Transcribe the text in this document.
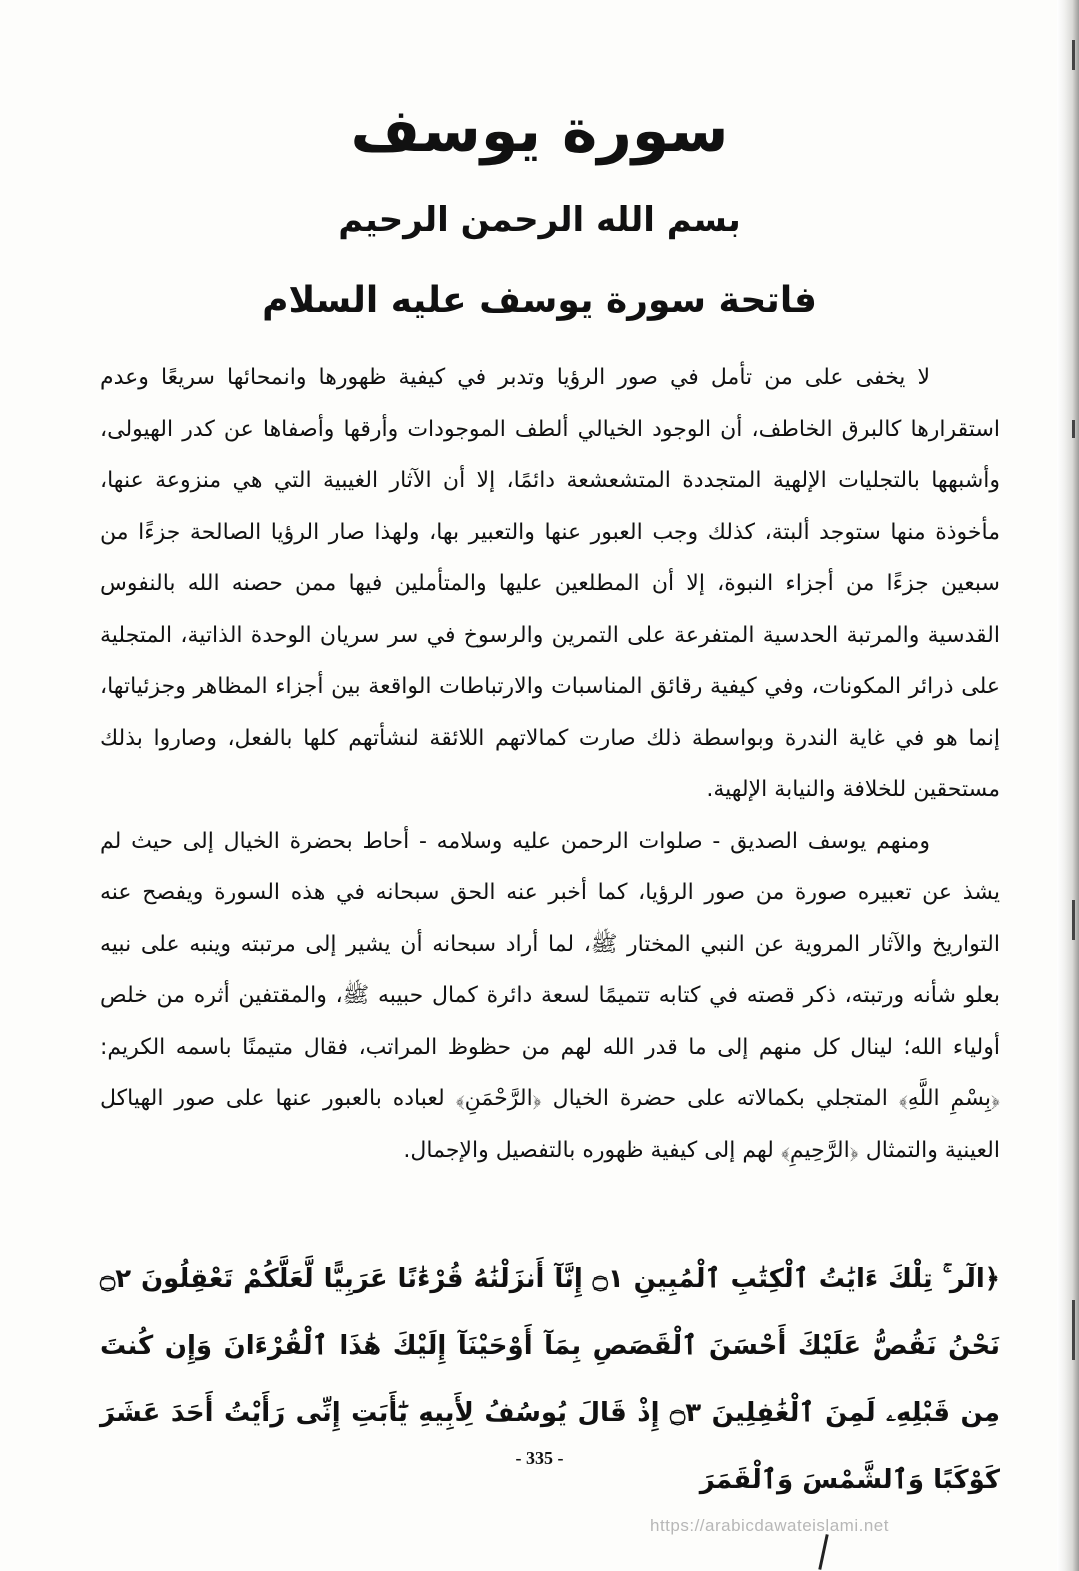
سورة يوسف
بسم الله الرحمن الرحيم
فاتحة سورة يوسف عليه السلام

لا يخفى على من تأمل في صور الرؤيا وتدبر في كيفية ظهورها وانمحائها سريعًا وعدم استقرارها كالبرق الخاطف، أن الوجود الخيالي ألطف الموجودات وأرقها وأصفاها عن كدر الهيولى، وأشبهها بالتجليات الإلهية المتجددة المتشعشعة دائمًا، إلا أن الآثار الغيبية التي هي منزوعة عنها، مأخوذة منها ستوجد ألبتة، كذلك وجب العبور عنها والتعبير بها، ولهذا صار الرؤيا الصالحة جزءًا من سبعين جزءًا من أجزاء النبوة، إلا أن المطلعين عليها والمتأملين فيها ممن حصنه الله بالنفوس القدسية والمرتبة الحدسية المتفرعة على التمرين والرسوخ في سر سريان الوحدة الذاتية، المتجلية على ذرائر المكونات، وفي كيفية رقائق المناسبات والارتباطات الواقعة بين أجزاء المظاهر وجزئياتها، إنما هو في غاية الندرة وبواسطة ذلك صارت كمالاتهم اللائقة لنشأتهم كلها بالفعل، وصاروا بذلك مستحقين للخلافة والنيابة الإلهية.

ومنهم يوسف الصديق - صلوات الرحمن عليه وسلامه - أحاط بحضرة الخيال إلى حيث لم يشذ عن تعبيره صورة من صور الرؤيا، كما أخبر عنه الحق سبحانه في هذه السورة ويفصح عنه التواريخ والآثار المروية عن النبي المختار ﷺ، لما أراد سبحانه أن يشير إلى مرتبته وينبه على نبيه بعلو شأنه ورتبته، ذكر قصته في كتابه تتميمًا لسعة دائرة كمال حبيبه ﷺ، والمقتفين أثره من خلص أولياء الله؛ لينال كل منهم إلى ما قدر الله لهم من حظوظ المراتب، فقال متيمنًا باسمه الكريم: ﴿بِسْمِ اللَّهِ﴾ المتجلي بكمالاته على حضرة الخيال ﴿الرَّحْمَنِ﴾ لعباده بالعبور عنها على صور الهياكل العينية والتمثال ﴿الرَّحِيمِ﴾ لهم إلى كيفية ظهوره بالتفصيل والإجمال.

﴿الٓر ۚ تِلْكَ ءَايَٰتُ ٱلْكِتَٰبِ ٱلْمُبِينِ ۝١ إِنَّآ أَنزَلْنَٰهُ قُرْءَٰنًا عَرَبِيًّا لَّعَلَّكُمْ تَعْقِلُونَ ۝٢ نَحْنُ نَقُصُّ عَلَيْكَ أَحْسَنَ ٱلْقَصَصِ بِمَآ أَوْحَيْنَآ إِلَيْكَ هَٰذَا ٱلْقُرْءَانَ وَإِن كُنتَ مِن قَبْلِهِۦ لَمِنَ ٱلْغَٰفِلِينَ ۝٣ إِذْ قَالَ يُوسُفُ لِأَبِيهِ يَٰٓأَبَتِ إِنِّى رَأَيْتُ أَحَدَ عَشَرَ كَوْكَبًا وَٱلشَّمْسَ وَٱلْقَمَرَ

- 335 -
https://arabicdawateislami.net
